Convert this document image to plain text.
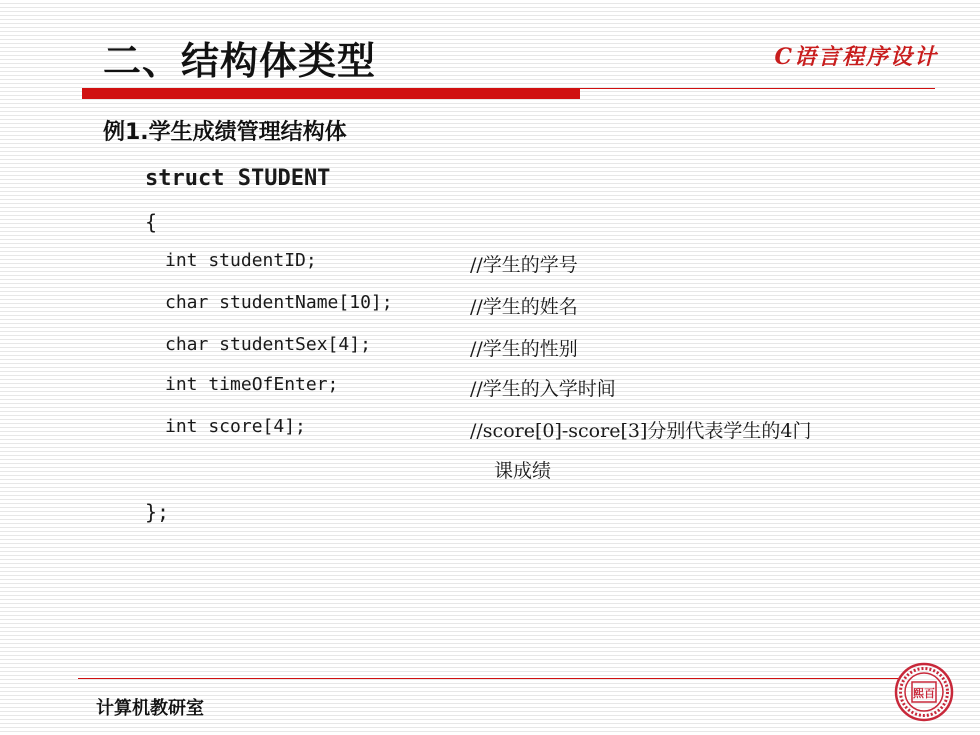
二、结构体类型	C语言程序设计
例1.学生成绩管理结构体
struct STUDENT
{
int studentID;	//学生的学号
char studentName[10];	//学生的姓名
char studentSex[4];	//学生的性别
int timeOfEnter;	//学生的入学时间
int score[4];	//score[0]-score[3]分别代表学生的4门
课成绩
};
计算机教研室
熙百
